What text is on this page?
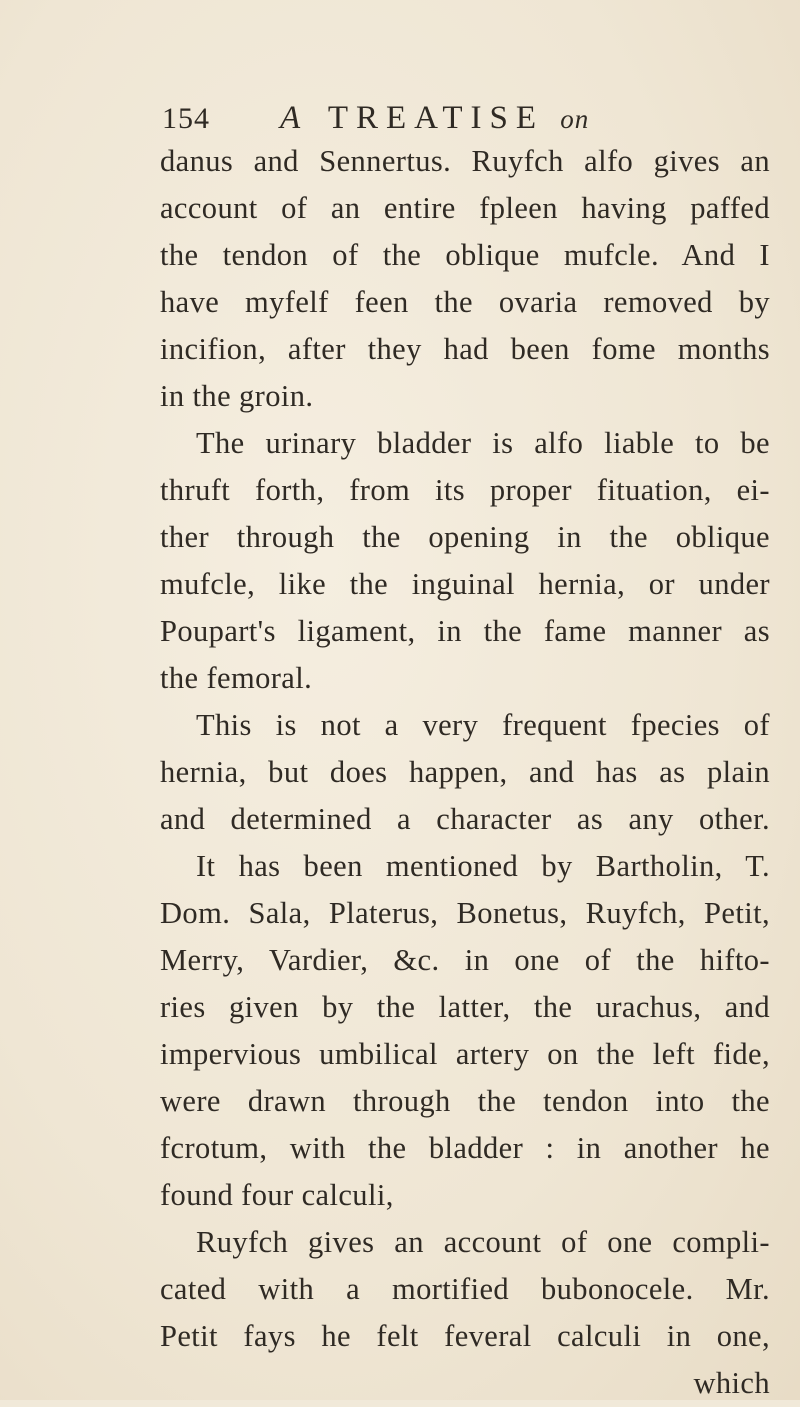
154 A TREATISE on
danus and Sennertus. Ruyfch alfo gives an
account of an entire fpleen having paffed
the tendon of the oblique mufcle. And I
have myfelf feen the ovaria removed by
incifion, after they had been fome months
in the groin.
The urinary bladder is alfo liable to be
thruft forth, from its proper fituation, ei-
ther through the opening in the oblique
mufcle, like the inguinal hernia, or under
Poupart's ligament, in the fame manner as
the femoral.
This is not a very frequent fpecies of
hernia, but does happen, and has as plain
and determined a character as any other.
It has been mentioned by Bartholin, T.
Dom. Sala, Platerus, Bonetus, Ruyfch, Petit,
Merry, Vardier, &c. in one of the hifto-
ries given by the latter, the urachus, and
impervious umbilical artery on the left fide,
were drawn through the tendon into the
fcrotum, with the bladder : in another he
found four calculi,
Ruyfch gives an account of one compli-
cated with a mortified bubonocele. Mr.
Petit fays he felt feveral calculi in one,
which
